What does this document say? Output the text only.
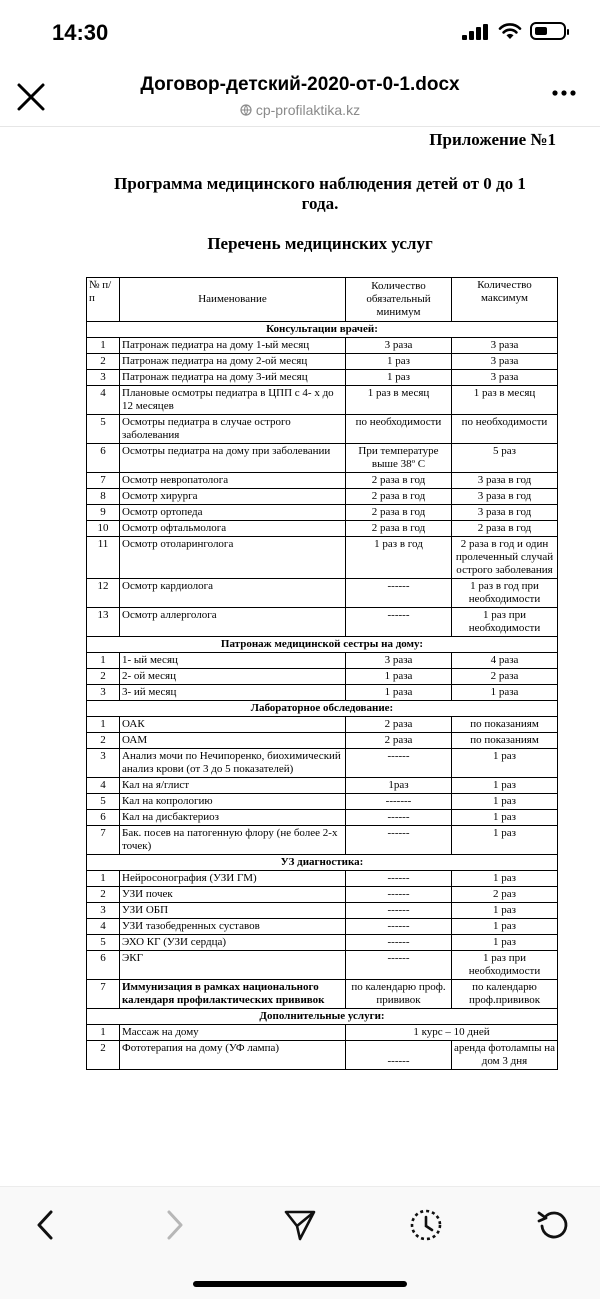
14:30
Договор-детский-2020-от-0-1.docx
cp-profilaktika.kz
Приложение №1
Программа медицинского наблюдения детей от 0 до 1 года.
Перечень медицинских услуг
№ п/п	Наименование	Количество обязательный минимум	Количество максимум
Консультации врачей:			
1	Патронаж педиатра на дому 1-ый месяц	3 раза	3 раза
2	Патронаж педиатра на дому 2-ой месяц	1 раз	3 раза
3	Патронаж педиатра на дому 3-ий месяц	1 раз	3 раза
4	Плановые осмотры педиатра в ЦПП с 4- х до 12 месяцев	1 раз в месяц	1 раз в месяц
5	Осмотры педиатра в случае острого заболевания	по необходимости	по необходимости
6	Осмотры педиатра на дому при заболевании	При температуре выше 38º С	5 раз
7	Осмотр невропатолога	2 раза в год	3 раза в год
8	Осмотр хирурга	2 раза в год	3 раза в год
9	Осмотр ортопеда	2 раза в год	3 раза в год
10	Осмотр офтальмолога	2 раза в год	2 раза в год
11	Осмотр отоларинголога	1 раз в год	2 раза в год и один пролеченный случай острого заболевания
12	Осмотр кардиолога	------	1 раз в год при необходимости
13	Осмотр аллерголога	------	1 раз при необходимости
Патронаж медицинской сестры на дому:			
1	1- ый месяц	3 раза	4 раза
2	2- ой месяц	1 раза	2 раза
3	3- ий месяц	1 раза	1 раза
Лабораторное обследование:			
1	ОАК	2 раза	по показаниям
2	ОАМ	2 раза	по показаниям
3	Анализ мочи по Нечипоренко, биохимический анализ крови (от 3 до 5 показателей)	------	1 раз
4	Кал на я/глист	1раз	1 раз
5	Кал на копрологию	-------	1 раз
6	Кал на дисбактериоз	------	1 раз
7	Бак. посев на патогенную флору (не более 2-х точек)	------	1 раз
УЗ диагностика:			
1	Нейросонография (УЗИ ГМ)	------	1 раз
2	УЗИ почек	------	2 раз
3	УЗИ ОБП	------	1 раз
4	УЗИ тазобедренных суставов	------	1 раз
5	ЭХО КГ (УЗИ сердца)	------	1 раз
6	ЭКГ	------	1 раз при необходимости
7	Иммунизация в рамках национального календаря профилактических прививок	по календарю проф. прививок	по календарю проф.прививок
Дополнительные услуги:			
1	Массаж на дому	1 курс – 10 дней	
2	Фототерапия на дому (УФ лампа)	------	аренда фотолампы на дом 3 дня
